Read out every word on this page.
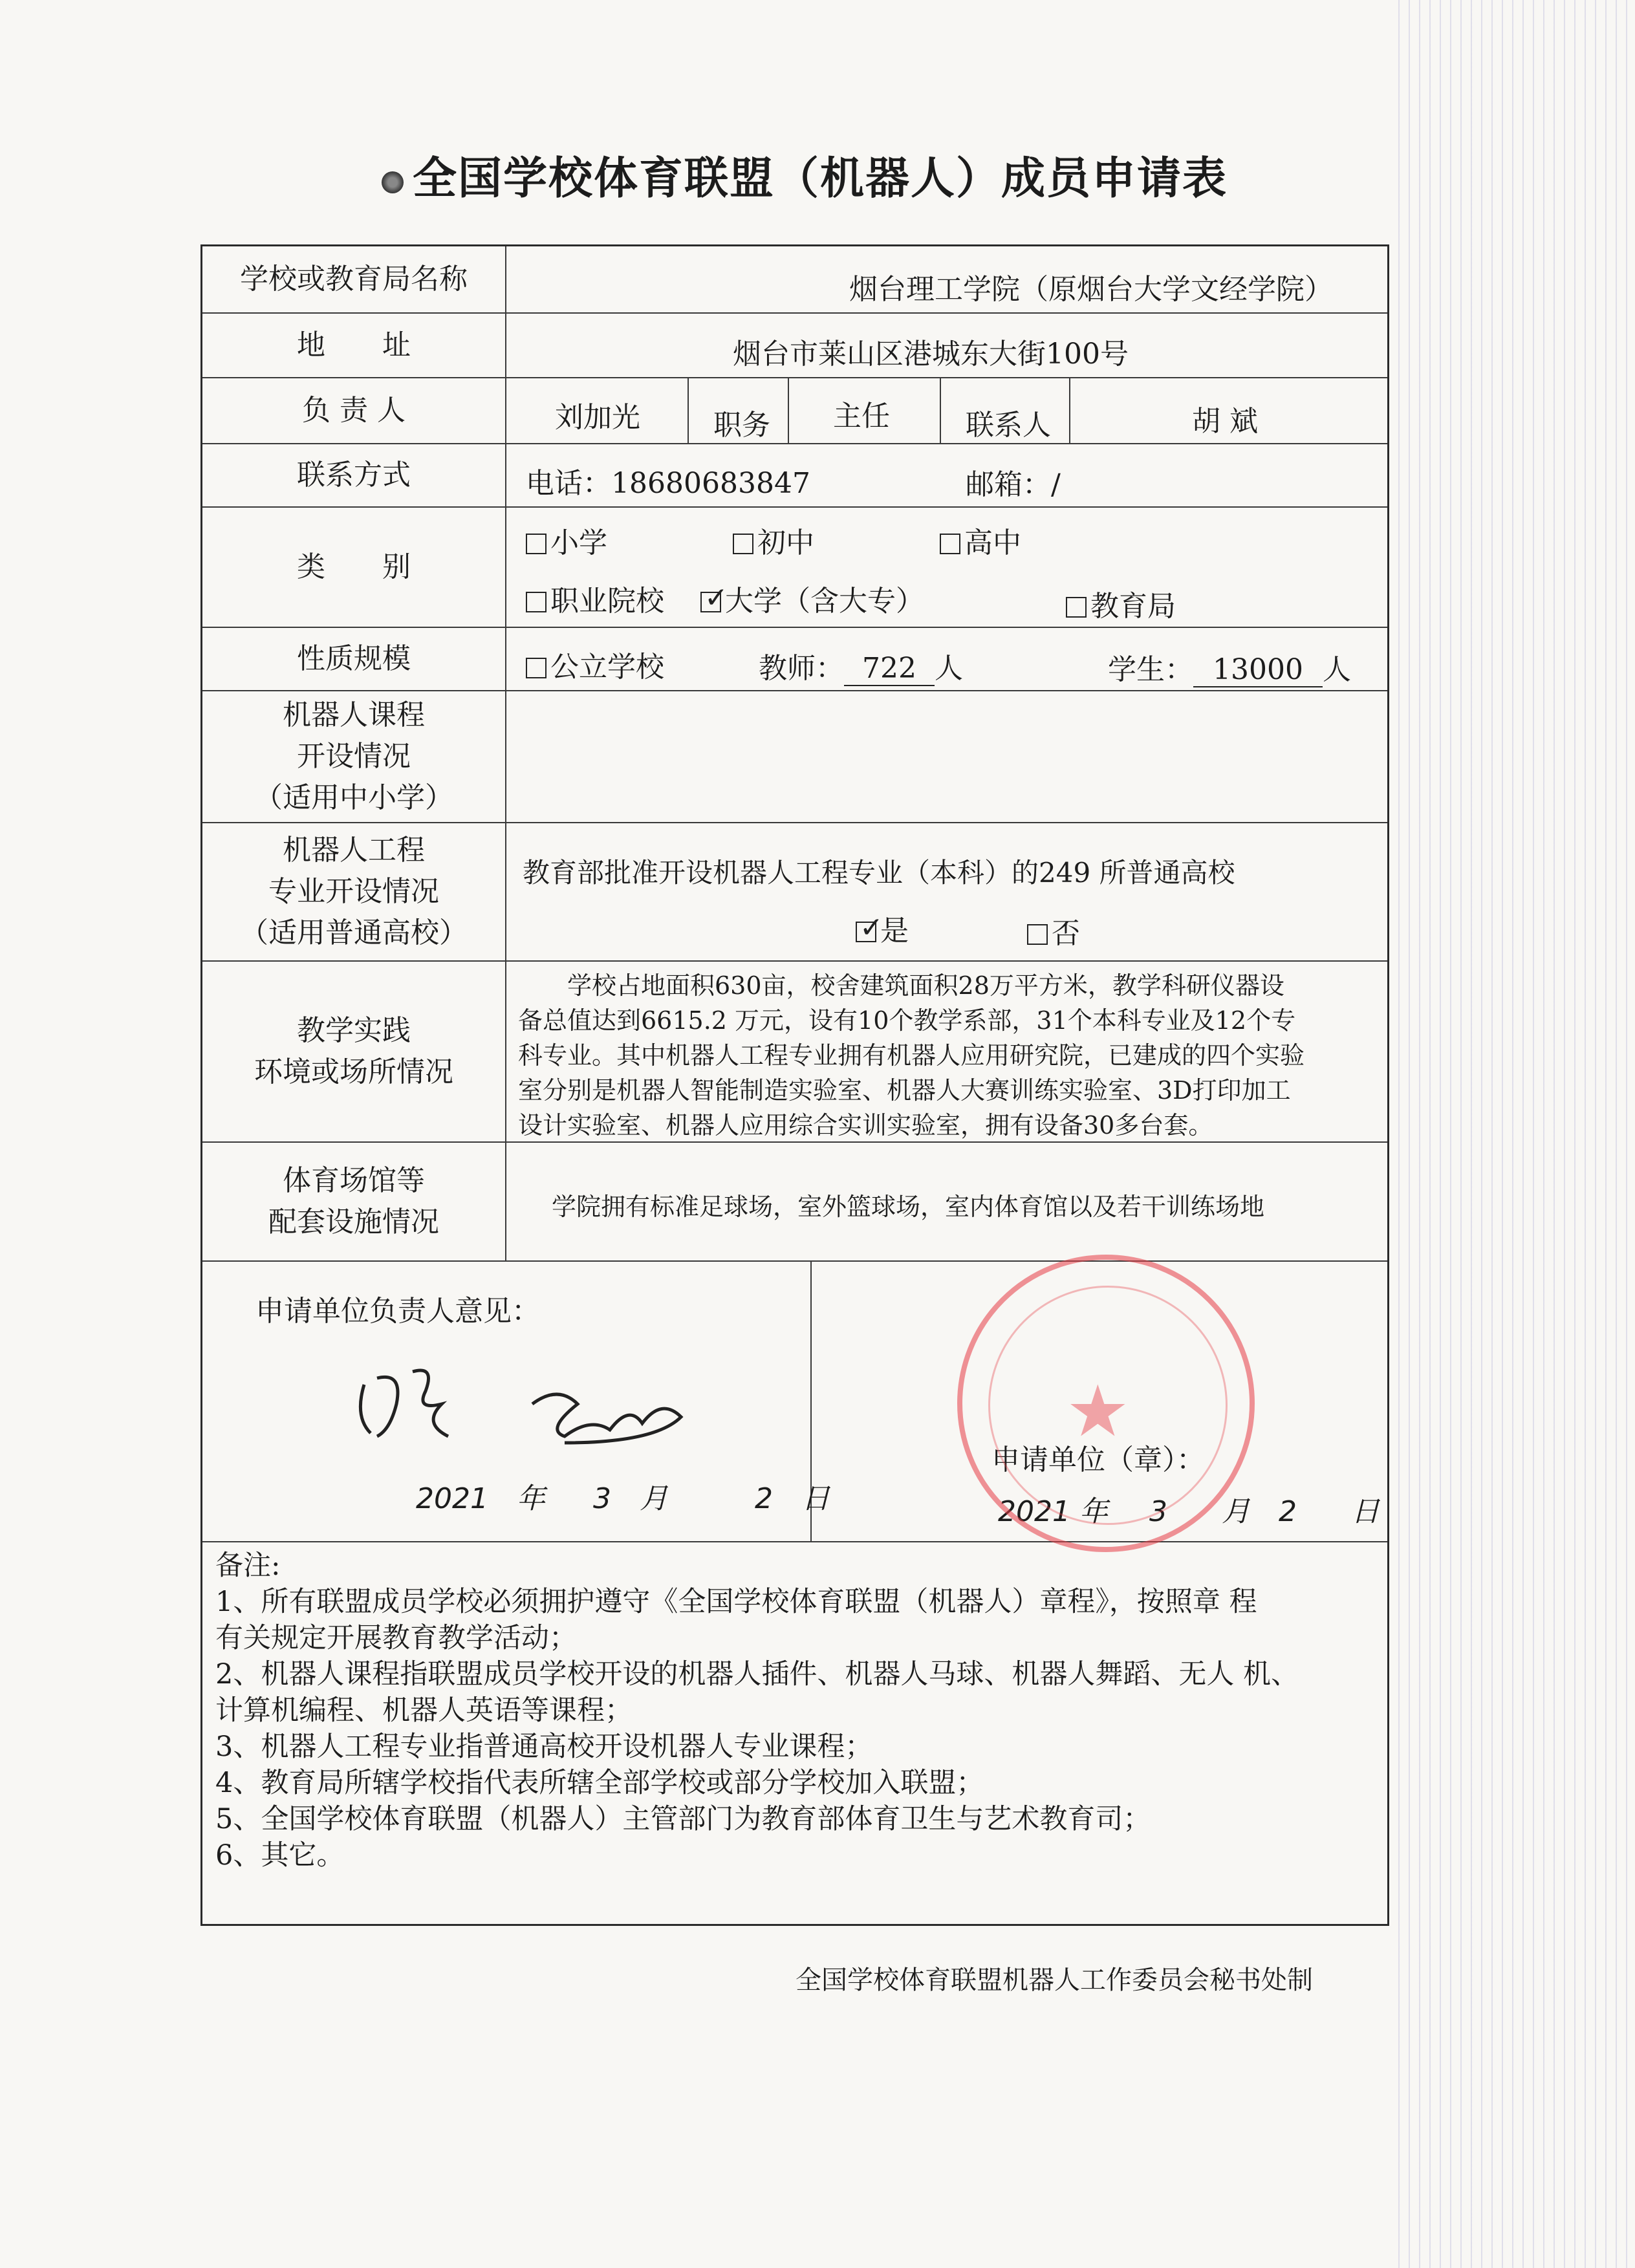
全国学校体育联盟（机器人）成员申请表
学校或教育局名称	烟台理工学院（原烟台大学文经学院）
地　　址	烟台市莱山区港城东大街100号
负 责 人	刘加光	职务 主任	联系人	胡 斌
联系方式	电话：18680683847	邮箱：/
类　　别
小学	初中	高中
职业院校
✓	大学（含大专）	教育局
性质规模	公立学校	教师： 722 人	学生： 13000 人
机器人课程
开设情况
（适用中小学）
机器人工程
专业开设情况
（适用普通高校）
教育部批准开设机器人工程专业（本科）的249 所普通高校
✓是	否
教学实践
环境或场所情况
　　学校占地面积630亩，校舍建筑面积28万平方米，教学科研仪器设
备总值达到6615.2 万元，设有10个教学系部，31个本科专业及12个专
科专业。其中机器人工程专业拥有机器人应用研究院，已建成的四个实验
室分别是机器人智能制造实验室、机器人大赛训练实验室、3D打印加工
设计实验室、机器人应用综合实训实验室，拥有设备30多台套。
体育场馆等
配套设施情况	学院拥有标准足球场，室外篮球场，室内体育馆以及若干训练场地
申请单位负责人意见：
2021 年 3 月	2 日
申请单位（章）：
2021 年 3 月 2 日
备注:
1、所有联盟成员学校必须拥护遵守《全国学校体育联盟（机器人）章程》，按照章 程
有关规定开展教育教学活动；
2、机器人课程指联盟成员学校开设的机器人插件、机器人马球、机器人舞蹈、无人 机、
计算机编程、机器人英语等课程；
3、机器人工程专业指普通高校开设机器人专业课程；
4、教育局所辖学校指代表所辖全部学校或部分学校加入联盟；
5、全国学校体育联盟（机器人）主管部门为教育部体育卫生与艺术教育司；
6、其它。
★
全国学校体育联盟机器人工作委员会秘书处制
